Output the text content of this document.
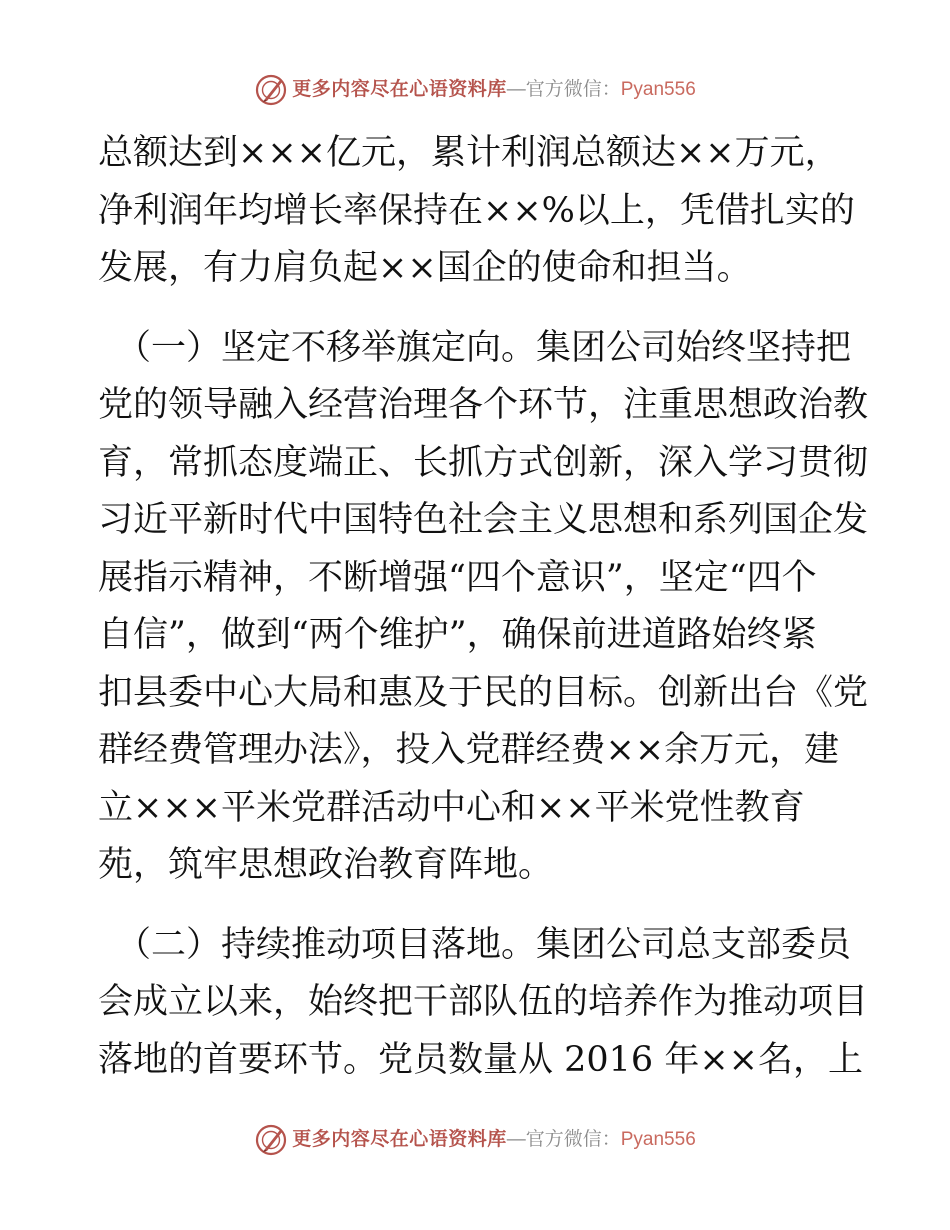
更多内容尽在心语资料库 — 官方微信： Pyan556

总额达到×××亿元，累计利润总额达××万元，

净利润年均增长率保持在××%以上，凭借扎实的

发展，有力肩负起××国企的使命和担当。

（一）坚定不移举旗定向。集团公司始终坚持把

党的领导融入经营治理各个环节，注重思想政治教

育，常抓态度端正、长抓方式创新，深入学习贯彻

习近平新时代中国特色社会主义思想和系列国企发

展指示精神，不断增强“四个意识”，坚定“四个

自信”，做到“两个维护”，确保前进道路始终紧

扣县委中心大局和惠及于民的目标。创新出台《党

群经费管理办法》，投入党群经费××余万元，建

立×××平米党群活动中心和××平米党性教育

苑，筑牢思想政治教育阵地。

（二）持续推动项目落地。集团公司总支部委员

会成立以来，始终把干部队伍的培养作为推动项目

落地的首要环节。党员数量从 2016 年××名，上

更多内容尽在心语资料库 — 官方微信： Pyan556
